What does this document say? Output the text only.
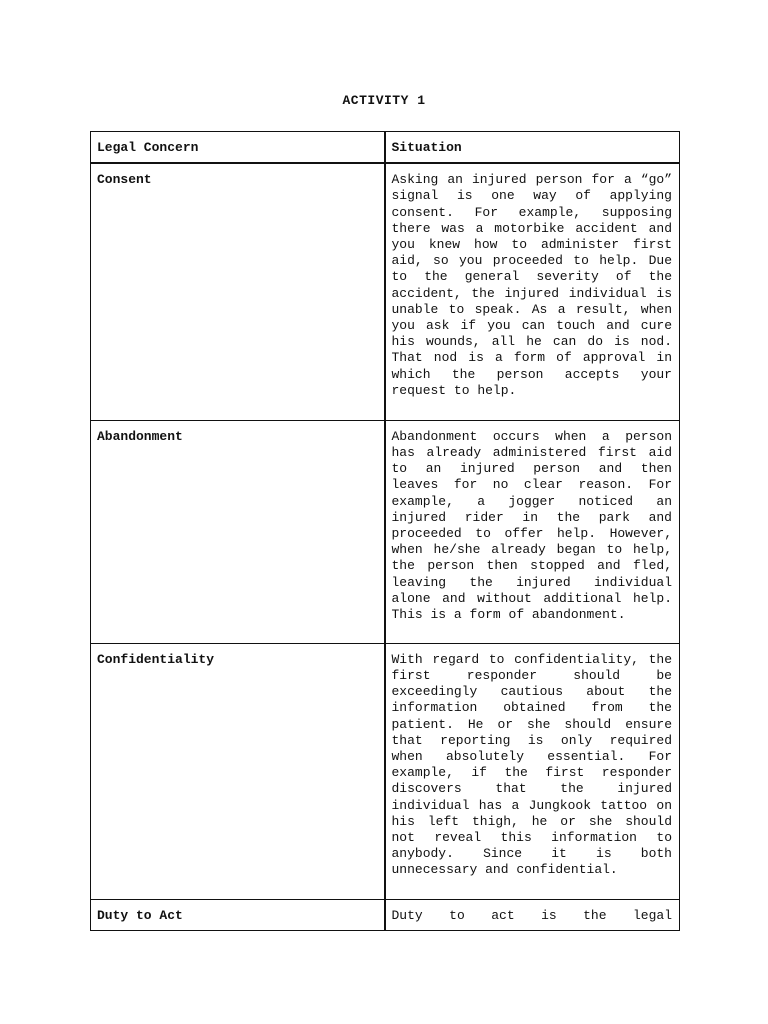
ACTIVITY 1
Legal Concern	Situation
Consent	Asking an injured person for a “go” signal is one way of applying consent. For example, supposing there was a motorbike accident and you knew how to administer first aid, so you proceeded to help. Due to the general severity of the accident, the injured individual is unable to speak. As a result, when you ask if you can touch and cure his wounds, all he can do is nod. That nod is a form of approval in which the person accepts your request to help.
Abandonment	Abandonment occurs when a person has already administered first aid to an injured person and then leaves for no clear reason. For example, a jogger noticed an injured rider in the park and proceeded to offer help. However, when he/she already began to help, the person then stopped and fled, leaving the injured individual alone and without additional help. This is a form of abandonment.
Confidentiality	With regard to confidentiality, the first responder should be exceedingly cautious about the information obtained from the patient. He or she should ensure that reporting is only required when absolutely essential. For example, if the first responder discovers that the injured individual has a Jungkook tattoo on his left thigh, he or she should not reveal this information to anybody. Since it is both unnecessary and confidential.
Duty to Act	Duty to act is the legal
